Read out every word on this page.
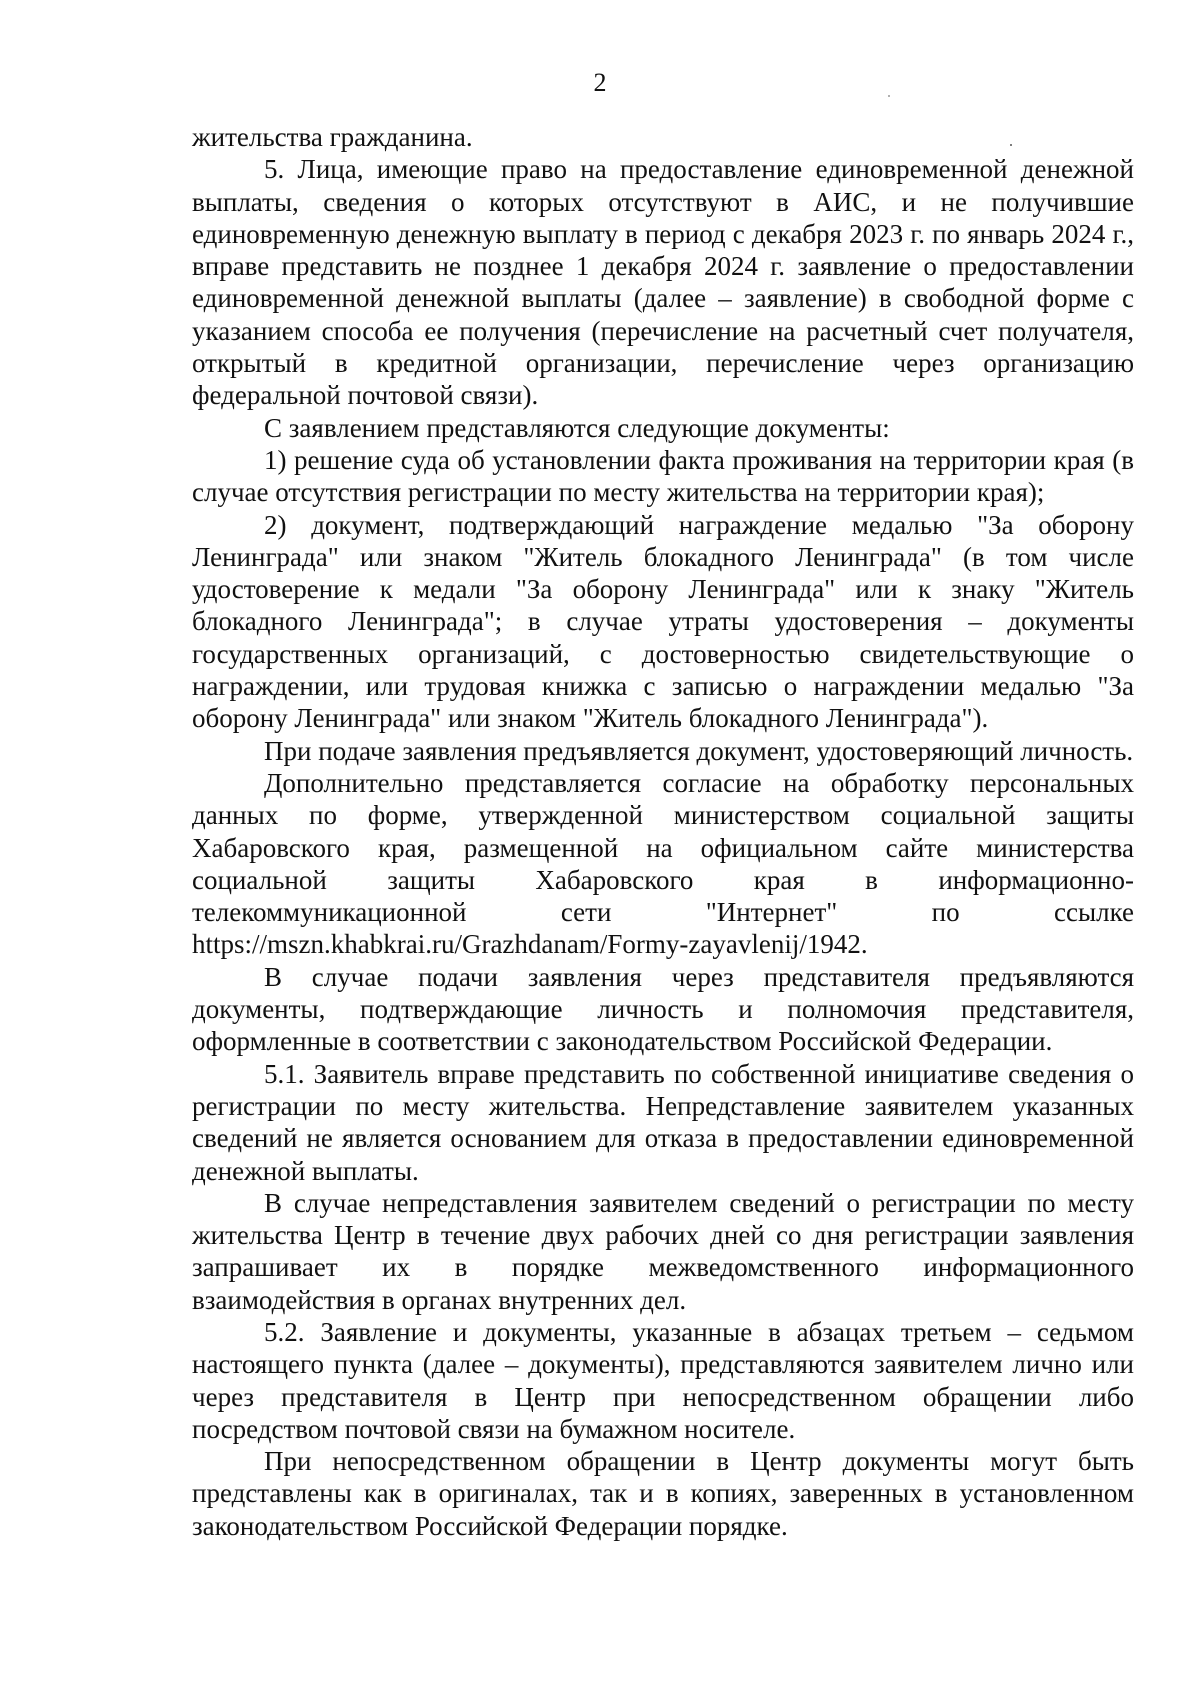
2

жительства гражданина.

5. Лица, имеющие право на предоставление единовременной денежной выплаты, сведения о которых отсутствуют в АИС, и не получившие единовременную денежную выплату в период с декабря 2023 г. по январь 2024 г., вправе представить не позднее 1 декабря 2024 г. заявление о предоставлении единовременной денежной выплаты (далее – заявление) в свободной форме с указанием способа ее получения (перечисление на расчетный счет получателя, открытый в кредитной организации, перечисление через организацию федеральной почтовой связи).

С заявлением представляются следующие документы:

1) решение суда об установлении факта проживания на территории края (в случае отсутствия регистрации по месту жительства на территории края);

2) документ, подтверждающий награждение медалью "За оборону Ленинграда" или знаком "Житель блокадного Ленинграда" (в том числе удостоверение к медали "За оборону Ленинграда" или к знаку "Житель блокадного Ленинграда"; в случае утраты удостоверения – документы государственных организаций, с достоверностью свидетельствующие о награждении, или трудовая книжка с записью о награждении медалью "За оборону Ленинграда" или знаком "Житель блокадного Ленинграда").

При подаче заявления предъявляется документ, удостоверяющий личность.

Дополнительно представляется согласие на обработку персональных данных по форме, утвержденной министерством социальной защиты Хабаровского края, размещенной на официальном сайте министерства социальной защиты Хабаровского края в информационно-телекоммуникационной сети "Интернет" по ссылке https://mszn.khabkrai.ru/Grazhdanam/Formy-zayavlenij/1942.

В случае подачи заявления через представителя предъявляются документы, подтверждающие личность и полномочия представителя, оформленные в соответствии с законодательством Российской Федерации.

5.1. Заявитель вправе представить по собственной инициативе сведения о регистрации по месту жительства. Непредставление заявителем указанных сведений не является основанием для отказа в предоставлении единовременной денежной выплаты.

В случае непредставления заявителем сведений о регистрации по месту жительства Центр в течение двух рабочих дней со дня регистрации заявления запрашивает их в порядке межведомственного информационного взаимодействия в органах внутренних дел.

5.2. Заявление и документы, указанные в абзацах третьем – седьмом настоящего пункта (далее – документы), представляются заявителем лично или через представителя в Центр при непосредственном обращении либо посредством почтовой связи на бумажном носителе.

При непосредственном обращении в Центр документы могут быть представлены как в оригиналах, так и в копиях, заверенных в установленном законодательством Российской Федерации порядке.
